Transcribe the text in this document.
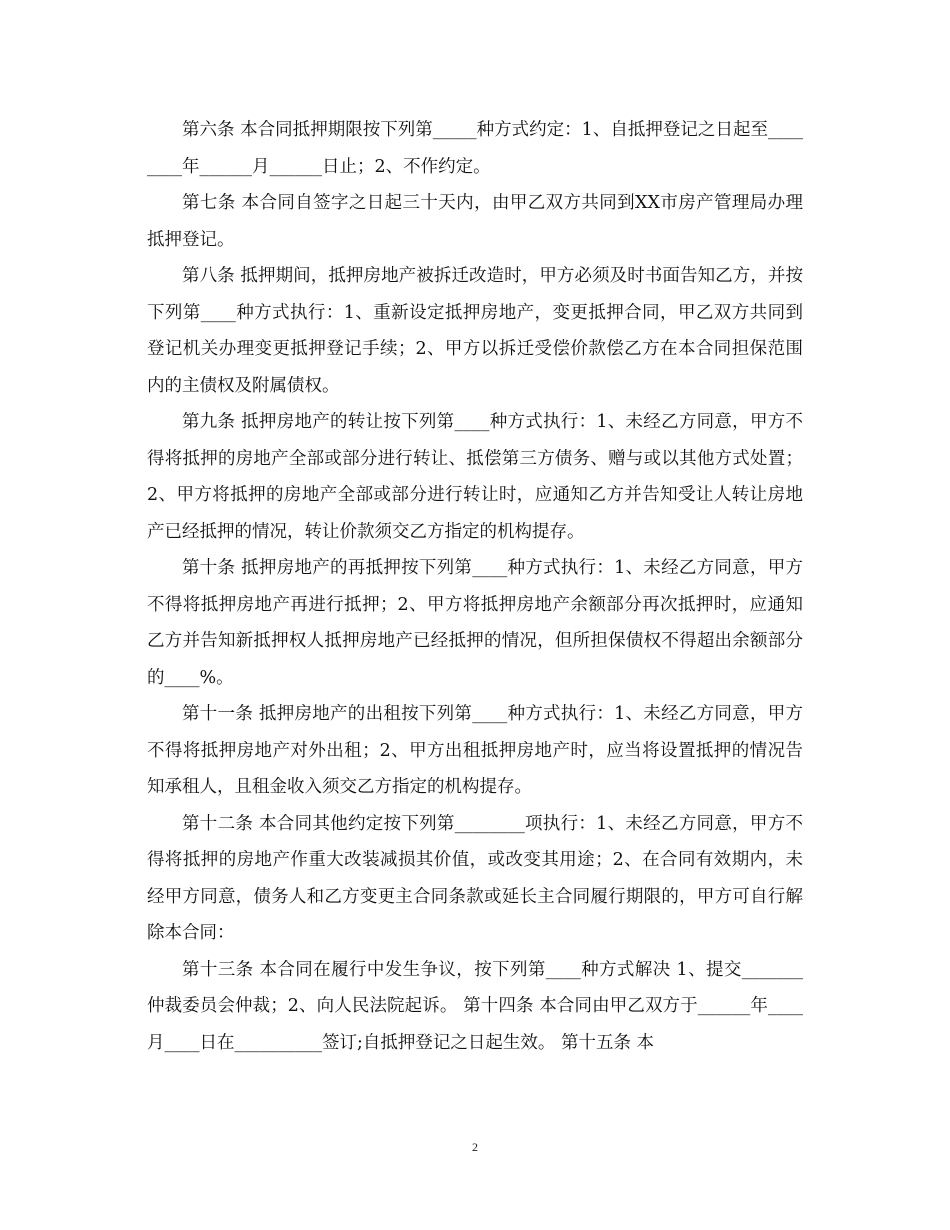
第六条 本合同抵押期限按下列第_____种方式约定：1、自抵押登记之日起至________年______月______日止；2、不作约定。

第七条 本合同自签字之日起三十天内，由甲乙双方共同到XX市房产管理局办理抵押登记。

第八条 抵押期间，抵押房地产被拆迁改造时，甲方必须及时书面告知乙方，并按下列第____种方式执行：1、重新设定抵押房地产，变更抵押合同，甲乙双方共同到登记机关办理变更抵押登记手续；2、甲方以拆迁受偿价款偿乙方在本合同担保范围内的主债权及附属债权。

第九条 抵押房地产的转让按下列第____种方式执行：1、未经乙方同意，甲方不得将抵押的房地产全部或部分进行转让、抵偿第三方债务、赠与或以其他方式处置；2、甲方将抵押的房地产全部或部分进行转让时，应通知乙方并告知受让人转让房地产已经抵押的情况，转让价款须交乙方指定的机构提存。

第十条 抵押房地产的再抵押按下列第____种方式执行：1、未经乙方同意，甲方不得将抵押房地产再进行抵押；2、甲方将抵押房地产余额部分再次抵押时，应通知乙方并告知新抵押权人抵押房地产已经抵押的情况，但所担保债权不得超出余额部分的____%。

第十一条 抵押房地产的出租按下列第____种方式执行：1、未经乙方同意，甲方不得将抵押房地产对外出租；2、甲方出租抵押房地产时，应当将设置抵押的情况告知承租人，且租金收入须交乙方指定的机构提存。

第十二条 本合同其他约定按下列第________项执行：1、未经乙方同意，甲方不得将抵押的房地产作重大改装减损其价值，或改变其用途；2、在合同有效期内，未经甲方同意，债务人和乙方变更主合同条款或延长主合同履行期限的，甲方可自行解除本合同：

第十三条 本合同在履行中发生争议，按下列第____种方式解决 1、提交_______仲裁委员会仲裁；2、向人民法院起诉。 第十四条 本合同由甲乙双方于______年____月____日在__________签订;自抵押登记之日起生效。 第十五条 本

2
